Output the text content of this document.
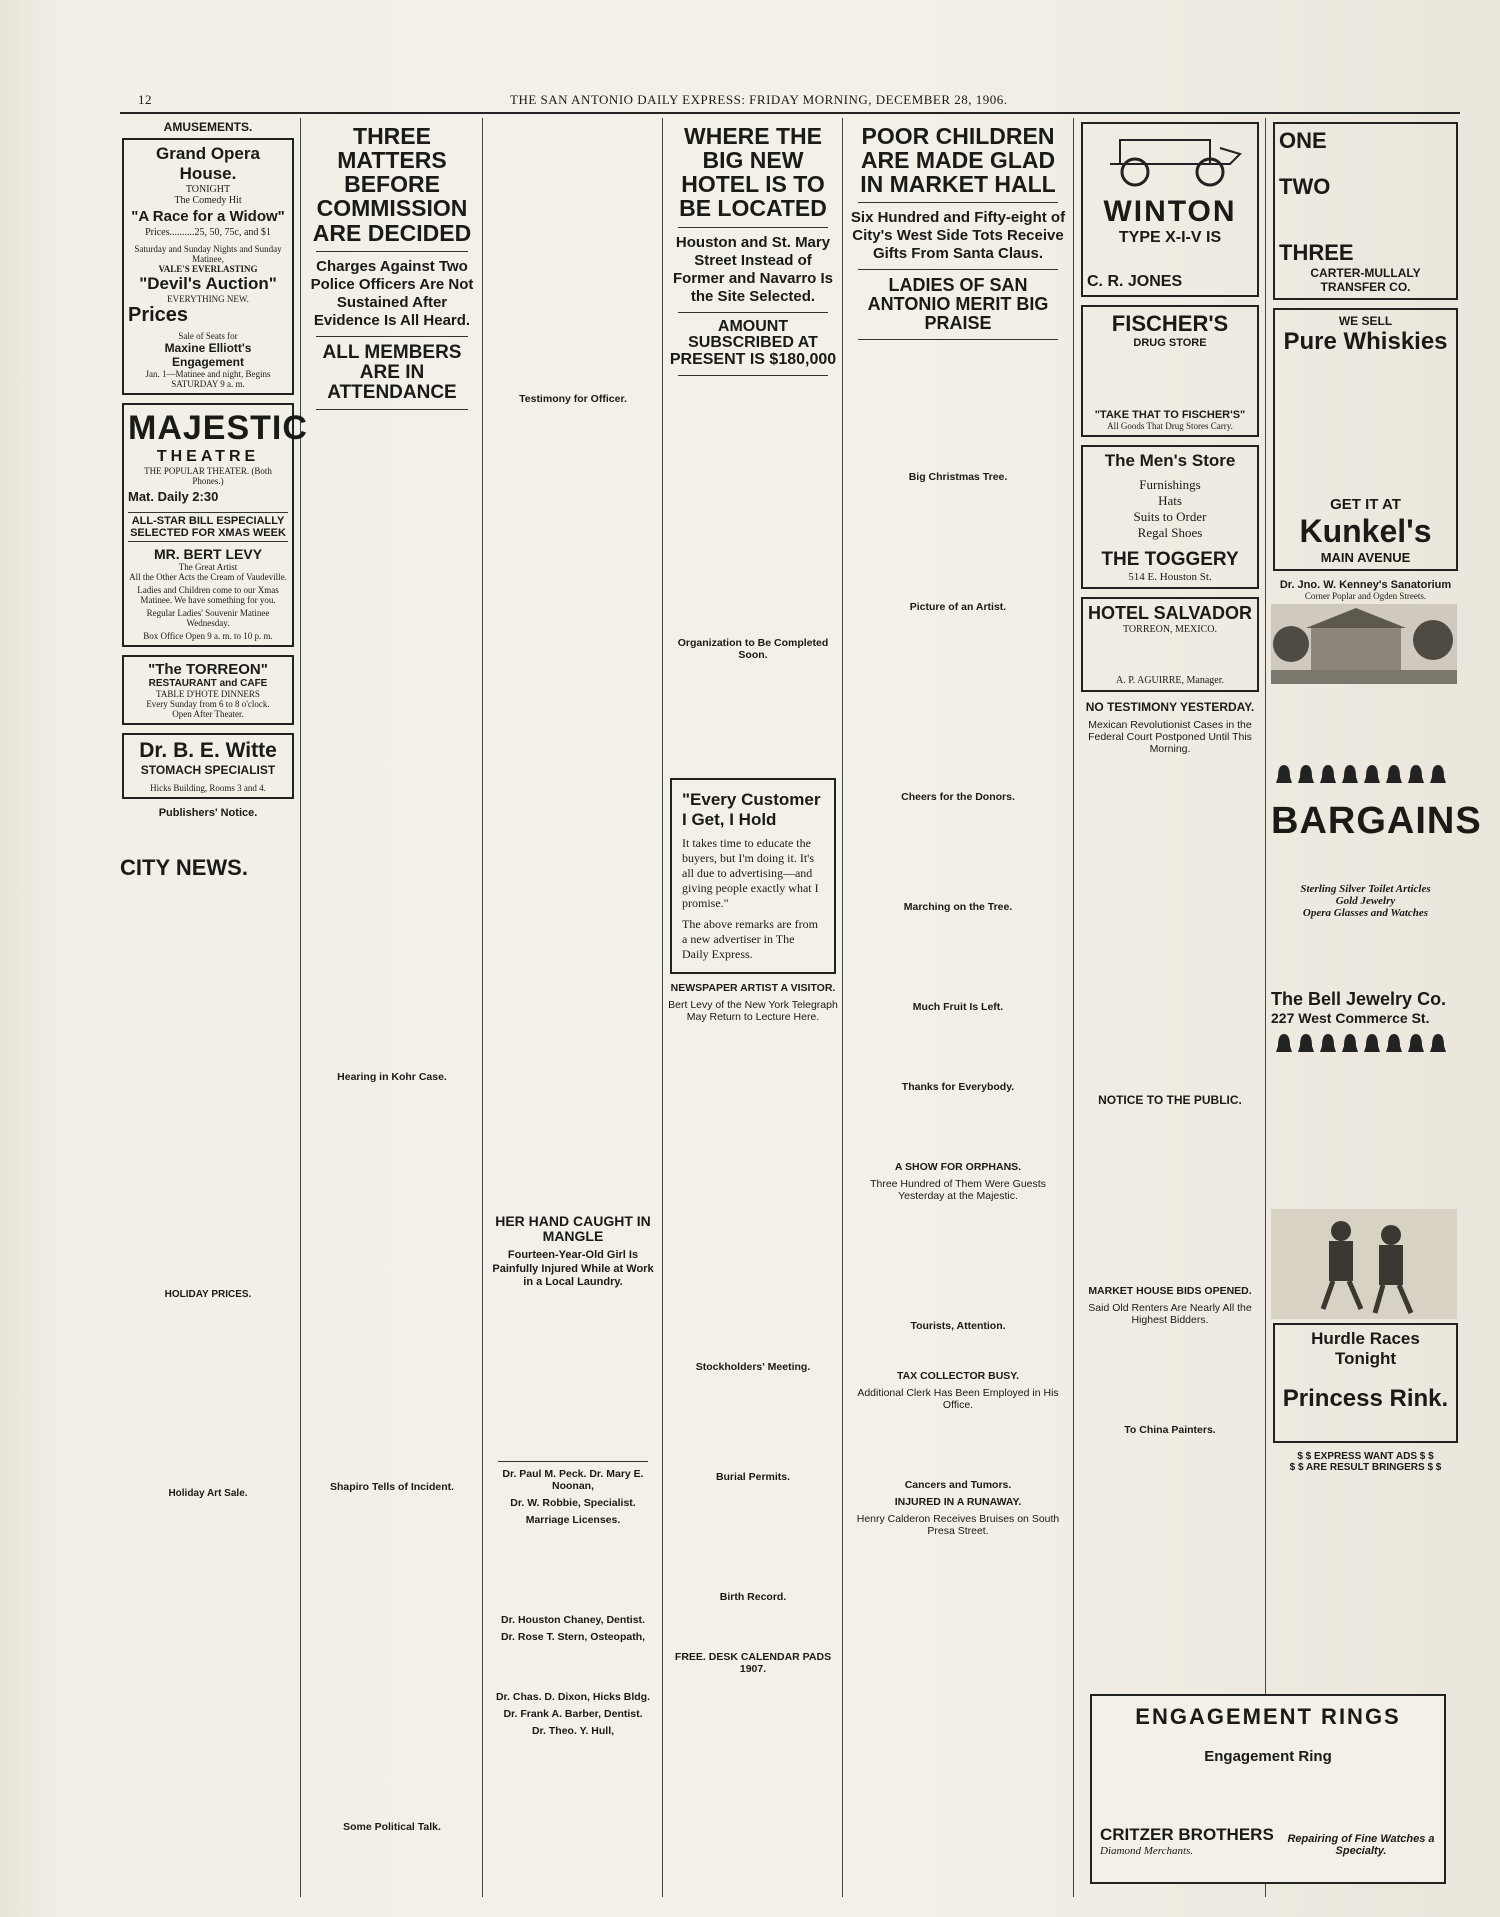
12	THE SAN ANTONIO DAILY EXPRESS: FRIDAY MORNING, DECEMBER 28, 1906.
AMUSEMENTS.
Grand Opera House.
TONIGHT
The Comedy Hit
"A Race for a Widow"
Prices..........25, 50, 75c, and $1
Saturday and Sunday Nights and Sunday Matinee,
VALE'S EVERLASTING
"Devil's Auction"
EVERYTHING NEW.
Prices
Sale of Seats for
Maxine Elliott's Engagement
Jan. 1—Matinee and night, Begins SATURDAY 9 a. m.
MAJESTIC
THEATRE
THE POPULAR THEATER. (Both Phones.)
Mat. Daily 2:30
ALL-STAR BILL ESPECIALLY SELECTED FOR XMAS WEEK
MR. BERT LEVY
The Great Artist
All the Other Acts the Cream of Vaudeville.
Ladies and Children come to our Xmas Matinee. We have something for you.
Regular Ladies' Souvenir Matinee Wednesday.
Box Office Open 9 a. m. to 10 p. m.
"The TORREON"
RESTAURANT and CAFE
TABLE D'HOTE DINNERS
Every Sunday from 6 to 8 o'clock.
Open After Theater.
Dr. B. E. Witte
STOMACH SPECIALIST
Hicks Building, Rooms 3 and 4.
Publishers' Notice.
CITY NEWS.
HOLIDAY PRICES.
Holiday Art Sale.
THREE MATTERS BEFORE COMMISSION ARE DECIDED
Charges Against Two Police Officers Are Not Sustained After Evidence Is All Heard.
ALL MEMBERS ARE IN ATTENDANCE
Hearing in Kohr Case.
Shapiro Tells of Incident.
Some Political Talk.
Testimony for Officer.
HER HAND CAUGHT IN MANGLE
Fourteen-Year-Old Girl Is Painfully Injured While at Work in a Local Laundry.
Dr. Paul M. Peck. Dr. Mary E. Noonan,
Dr. W. Robbie, Specialist.
Marriage Licenses.
Dr. Houston Chaney, Dentist.
Dr. Rose T. Stern, Osteopath,
Dr. Chas. D. Dixon, Hicks Bldg.
Dr. Frank A. Barber, Dentist.
Dr. Theo. Y. Hull,
WHERE THE BIG NEW HOTEL IS TO BE LOCATED
Houston and St. Mary Street Instead of Former and Navarro Is the Site Selected.
AMOUNT SUBSCRIBED AT PRESENT IS $180,000
Organization to Be Completed Soon.
"Every Customer I Get, I Hold
It takes time to educate the buyers, but I'm doing it. It's all due to advertising—and giving people exactly what I promise."
The above remarks are from a new advertiser in The Daily Express.
NEWSPAPER ARTIST A VISITOR.
Bert Levy of the New York Telegraph May Return to Lecture Here.
Stockholders' Meeting.
Burial Permits.
Birth Record.
FREE. DESK CALENDAR PADS 1907.
POOR CHILDREN ARE MADE GLAD IN MARKET HALL
Six Hundred and Fifty-eight of City's West Side Tots Receive Gifts From Santa Claus.
LADIES OF SAN ANTONIO MERIT BIG PRAISE
Big Christmas Tree.
Picture of an Artist.
Cheers for the Donors.
Marching on the Tree.
Much Fruit Is Left.
Thanks for Everybody.
A SHOW FOR ORPHANS.
Three Hundred of Them Were Guests Yesterday at the Majestic.
Tourists, Attention.
TAX COLLECTOR BUSY.
Additional Clerk Has Been Employed in His Office.
Cancers and Tumors.
INJURED IN A RUNAWAY.
Henry Calderon Receives Bruises on South Presa Street.
WINTON
TYPE X-I-V IS
C. R. JONES
FISCHER'S
DRUG STORE
"TAKE THAT TO FISCHER'S"
All Goods That Drug Stores Carry.
The Men's Store
Furnishings
Hats
Suits to Order
Regal Shoes
THE TOGGERY
514 E. Houston St.
HOTEL SALVADOR
TORREON, MEXICO.
A. P. AGUIRRE, Manager.
NO TESTIMONY YESTERDAY.
Mexican Revolutionist Cases in the Federal Court Postponed Until This Morning.
NOTICE TO THE PUBLIC.
MARKET HOUSE BIDS OPENED.
Said Old Renters Are Nearly All the Highest Bidders.
To China Painters.
ONE
TWO
THREE
CARTER-MULLALY TRANSFER CO.
WE SELL
Pure Whiskies
GET IT AT
Kunkel's
MAIN AVENUE
Dr. Jno. W. Kenney's Sanatorium
Corner Poplar and Ogden Streets.
BARGAINS
Sterling Silver Toilet Articles
Gold Jewelry
Opera Glasses and Watches
The Bell Jewelry Co.
227 West Commerce St.
Hurdle Races Tonight
Princess Rink.
$ $ EXPRESS WANT ADS $ $
$ $ ARE RESULT BRINGERS $ $
ENGAGEMENT RINGS
Engagement Ring
CRITZER BROTHERS
Diamond Merchants.
Repairing of Fine Watches a Specialty.
